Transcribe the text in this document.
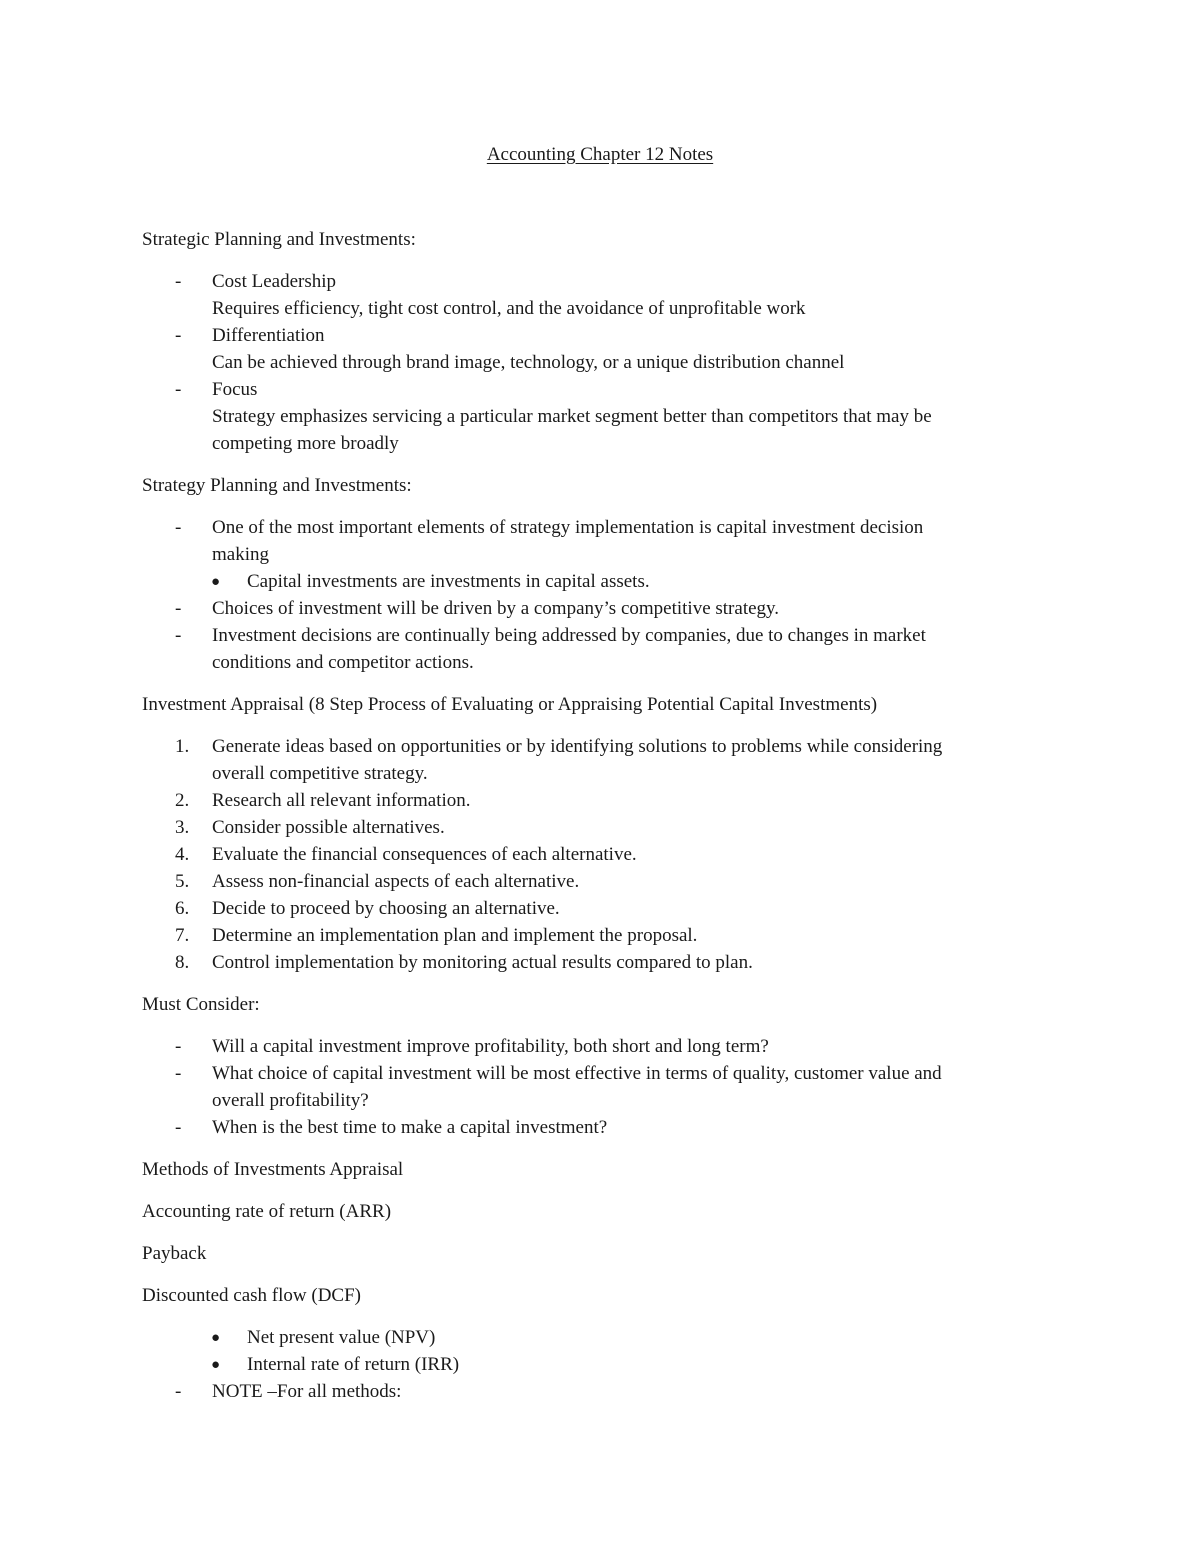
Accounting Chapter 12 Notes
Strategic Planning and Investments:
- Cost Leadership
Requires efficiency, tight cost control, and the avoidance of unprofitable work
- Differentiation
Can be achieved through brand image, technology, or a unique distribution channel
- Focus
Strategy emphasizes servicing a particular market segment better than competitors that may be
competing more broadly
Strategy Planning and Investments:
- One of the most important elements of strategy implementation is capital investment decision
making
● Capital investments are investments in capital assets.
- Choices of investment will be driven by a company’s competitive strategy.
- Investment decisions are continually being addressed by companies, due to changes in market
conditions and competitor actions.
Investment Appraisal (8 Step Process of Evaluating or Appraising Potential Capital Investments)
1. Generate ideas based on opportunities or by identifying solutions to problems while considering
overall competitive strategy.
2. Research all relevant information.
3. Consider possible alternatives.
4. Evaluate the financial consequences of each alternative.
5. Assess non-financial aspects of each alternative.
6. Decide to proceed by choosing an alternative.
7. Determine an implementation plan and implement the proposal.
8. Control implementation by monitoring actual results compared to plan.
Must Consider:
- Will a capital investment improve profitability, both short and long term?
- What choice of capital investment will be most effective in terms of quality, customer value and
overall profitability?
- When is the best time to make a capital investment?
Methods of Investments Appraisal
Accounting rate of return (ARR)
Payback
Discounted cash flow (DCF)
● Net present value (NPV)
● Internal rate of return (IRR)
- NOTE –For all methods:
